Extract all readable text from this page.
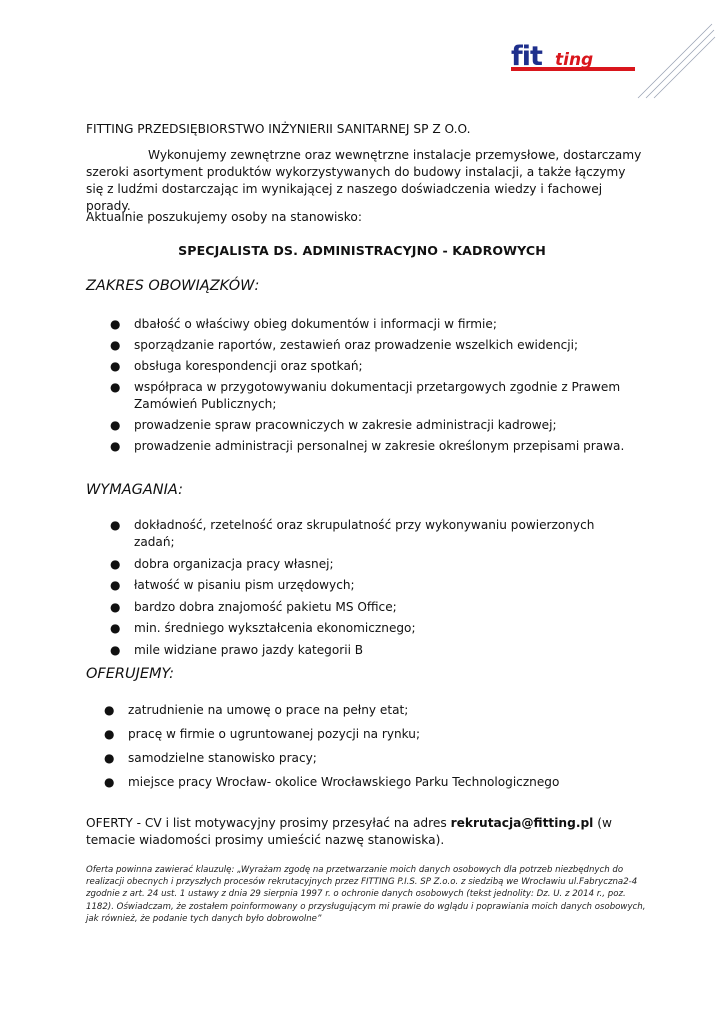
fit ting
FITTING PRZEDSIĘBIORSTWO INŻYNIERII SANITARNEJ SP Z O.O.
Wykonujemy zewnętrzne oraz wewnętrzne instalacje przemysłowe, dostarczamy szeroki asortyment produktów wykorzystywanych do budowy instalacji, a także łączymy się z ludźmi dostarczając im wynikającej z naszego doświadczenia wiedzy i fachowej porady.
Aktualnie poszukujemy osoby na stanowisko:
SPECJALISTA DS. ADMINISTRACYJNO - KADROWYCH
ZAKRES OBOWIĄZKÓW:
● dbałość o właściwy obieg dokumentów i informacji w firmie;
● sporządzanie raportów, zestawień oraz prowadzenie wszelkich ewidencji;
● obsługa korespondencji oraz spotkań;
● współpraca w przygotowywaniu dokumentacji przetargowych zgodnie z Prawem Zamówień Publicznych;
● prowadzenie spraw pracowniczych w zakresie administracji kadrowej;
● prowadzenie administracji personalnej w zakresie określonym przepisami prawa.
WYMAGANIA:
● dokładność, rzetelność oraz skrupulatność przy wykonywaniu powierzonych zadań;
● dobra organizacja pracy własnej;
● łatwość w pisaniu pism urzędowych;
● bardzo dobra znajomość pakietu MS Office;
● min. średniego wykształcenia ekonomicznego;
● mile widziane prawo jazdy kategorii B
OFERUJEMY:
● zatrudnienie na umowę o prace na pełny etat;
● pracę w firmie o ugruntowanej pozycji na rynku;
● samodzielne stanowisko pracy;
● miejsce pracy Wrocław- okolice Wrocławskiego Parku Technologicznego
OFERTY - CV i list motywacyjny prosimy przesyłać na adres rekrutacja@fitting.pl (w temacie wiadomości prosimy umieścić nazwę stanowiska).
Oferta powinna zawierać klauzulę: „Wyrażam zgodę na przetwarzanie moich danych osobowych dla potrzeb niezbędnych do realizacji obecnych i przyszłych procesów rekrutacyjnych przez FITTING P.I.S. SP Z.o.o. z siedzibą we Wrocławiu ul.Fabryczna2-4 zgodnie z art. 24 ust. 1 ustawy z dnia 29 sierpnia 1997 r. o ochronie danych osobowych (tekst jednolity: Dz. U. z 2014 r., poz. 1182). Oświadczam, że zostałem poinformowany o przysługującym mi prawie do wglądu i poprawiania moich danych osobowych, jak również, że podanie tych danych było dobrowolne”
